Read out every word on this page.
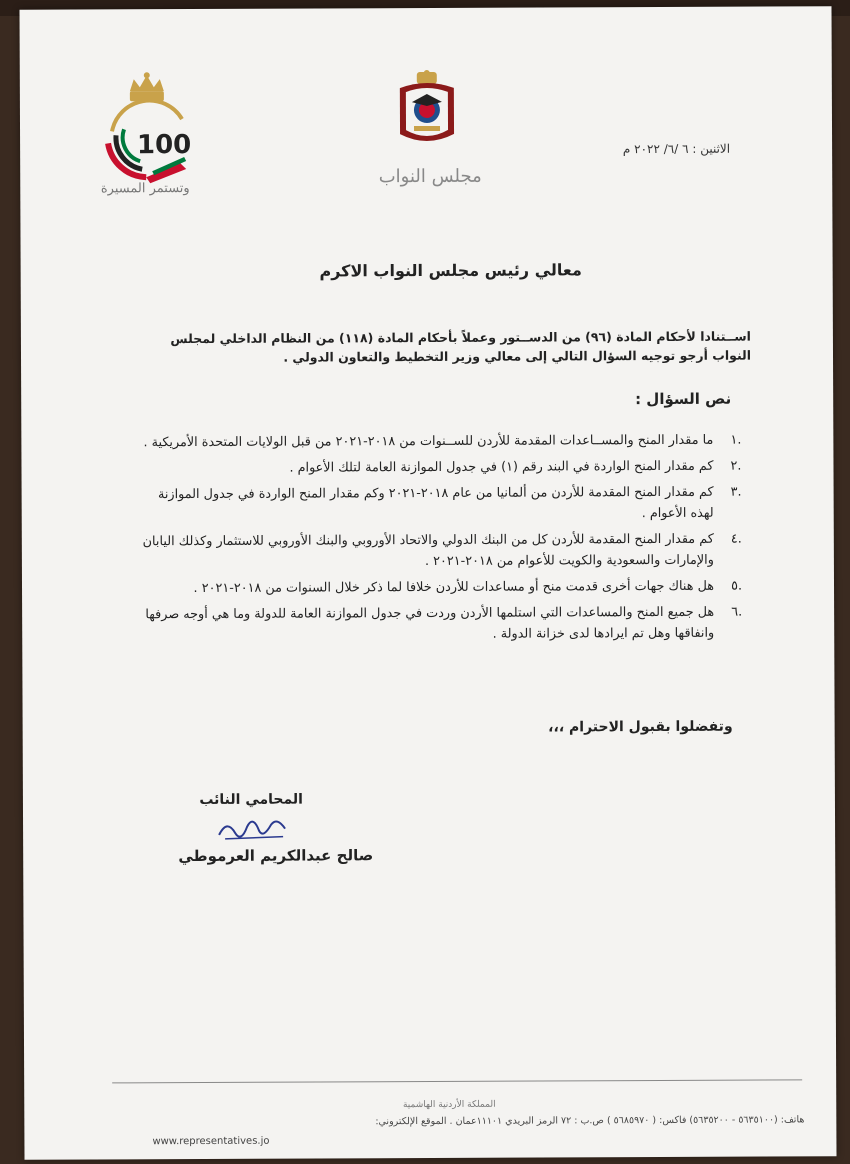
100
وتستمر المسيرة
مجلس النواب
الاثنين : ٦ /٦/ ٢٠٢٢ م
معالي رئيس مجلس النواب الاكرم
اســتنادا لأحكام المادة (٩٦) من الدســتور وعملاً بأحكام المادة (١١٨) من النظام الداخلي لمجلس النواب أرجو توجيه السؤال التالي إلى معالي وزير التخطيط والتعاون الدولي .
نص السؤال :
.١
ما مقدار المنح والمســاعدات المقدمة للأردن للســنوات من ٢٠١٨-٢٠٢١ من قبل الولايات المتحدة الأمريكية .
.٢
كم مقدار المنح الواردة في البند رقم (١) في جدول الموازنة العامة لتلك الأعوام .
.٣
كم مقدار المنح المقدمة للأردن من ألمانيا من عام ٢٠١٨-٢٠٢١ وكم مقدار المنح الواردة في جدول الموازنة لهذه الأعوام .
.٤
كم مقدار المنح المقدمة للأردن كل من البنك الدولي والاتحاد الأوروبي والبنك الأوروبي للاستثمار وكذلك اليابان والإمارات والسعودية والكويت للأعوام من ٢٠١٨-٢٠٢١ .
.٥
هل هناك جهات أخرى قدمت منح أو مساعدات للأردن خلافا لما ذكر خلال السنوات من ٢٠١٨-٢٠٢١ .
.٦
هل جميع المنح والمساعدات التي استلمها الأردن وردت في جدول الموازنة العامة للدولة وما هي أوجه صرفها وانفاقها وهل تم ايرادها لدى خزانة الدولة .
وتفضلوا بقبول الاحترام ،،،
المحامي النائب
صالح عبدالكريم العرموطي
المملكة الأردنية الهاشمية
هاتف: (٥٦٣٥١٠٠ - ٥٦٣٥٢٠٠) فاكس: ( ٥٦٨٥٩٧٠ ) ص.ب : ٧٢ الرمز البريدي ١١١٠١عمان . الموقع الإلكتروني:
www.representatives.jo
